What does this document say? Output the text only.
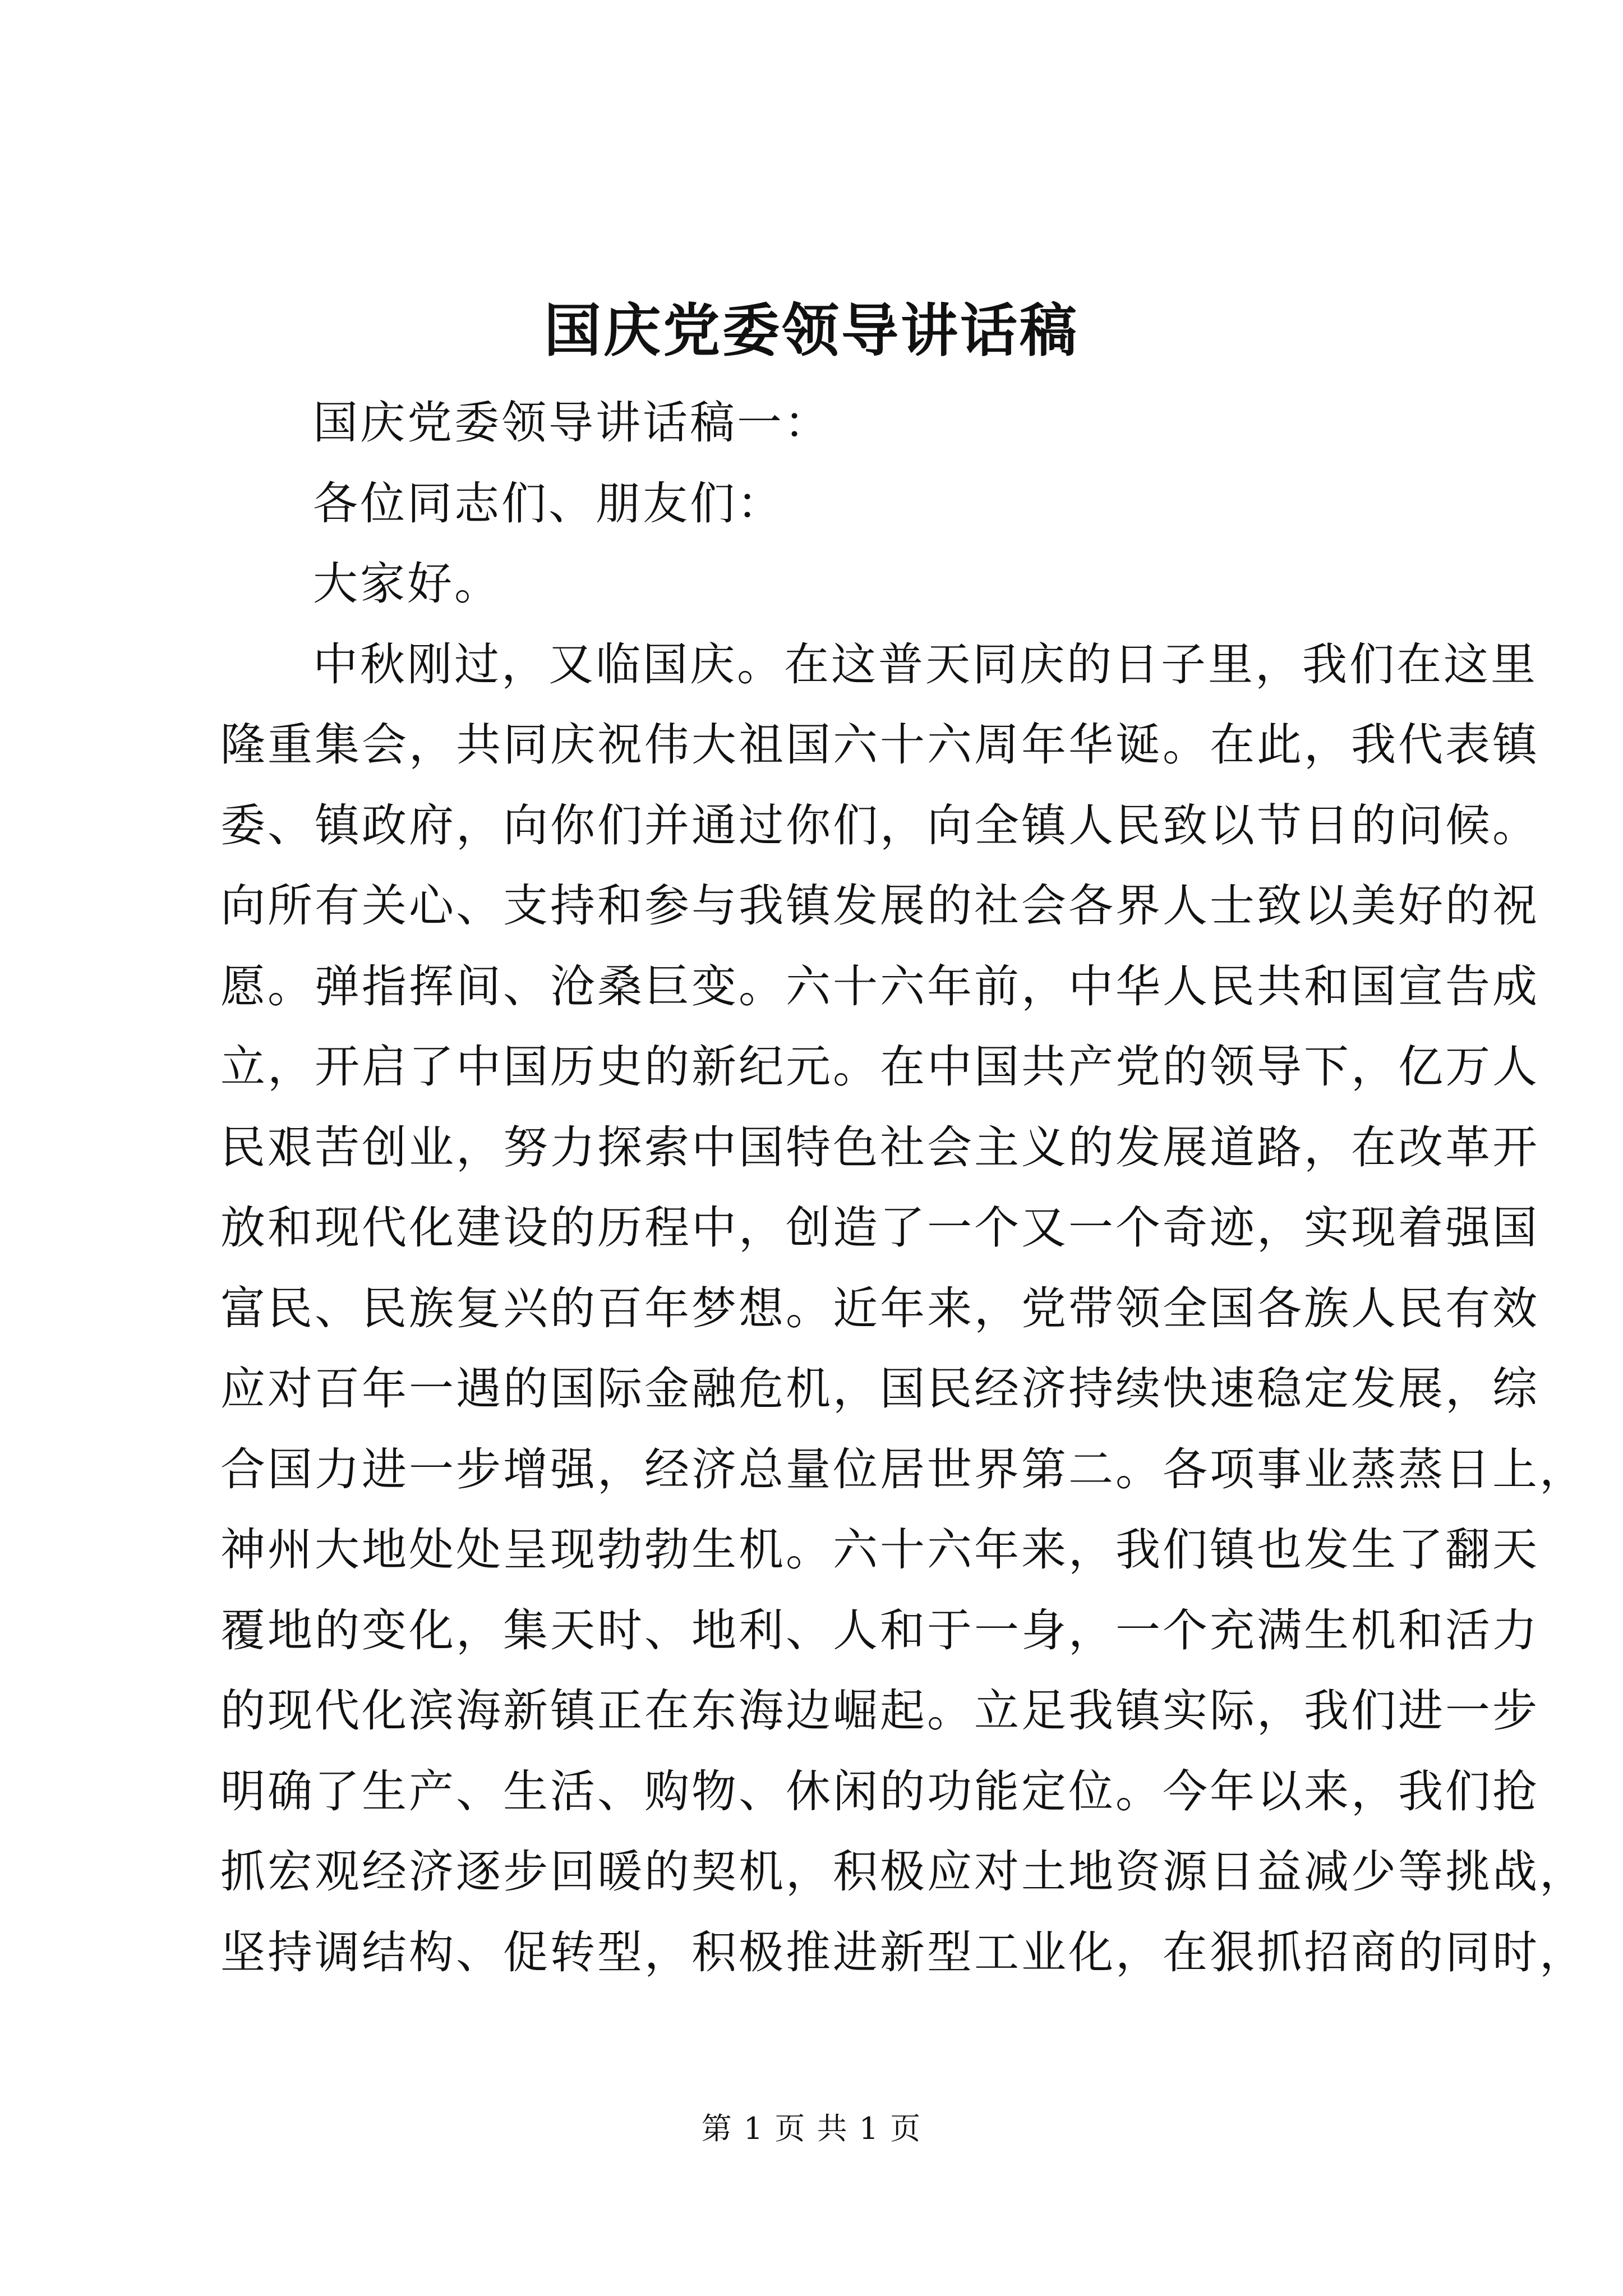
国庆党委领导讲话稿
国庆党委领导讲话稿一：
各位同志们、朋友们：
大家好。
中秋刚过，又临国庆。在这普天同庆的日子里，我们在这里
隆重集会，共同庆祝伟大祖国六十六周年华诞。在此，我代表镇
委、镇政府，向你们并通过你们，向全镇人民致以节日的问候。
向所有关心、支持和参与我镇发展的社会各界人士致以美好的祝
愿。弹指挥间、沧桑巨变。六十六年前，中华人民共和国宣告成
立，开启了中国历史的新纪元。在中国共产党的领导下，亿万人
民艰苦创业，努力探索中国特色社会主义的发展道路，在改革开
放和现代化建设的历程中，创造了一个又一个奇迹，实现着强国
富民、民族复兴的百年梦想。近年来，党带领全国各族人民有效
应对百年一遇的国际金融危机，国民经济持续快速稳定发展，综
合国力进一步增强，经济总量位居世界第二。各项事业蒸蒸日上，
神州大地处处呈现勃勃生机。六十六年来，我们镇也发生了翻天
覆地的变化，集天时、地利、人和于一身，一个充满生机和活力
的现代化滨海新镇正在东海边崛起。立足我镇实际，我们进一步
明确了生产、生活、购物、休闲的功能定位。今年以来，我们抢
抓宏观经济逐步回暖的契机，积极应对土地资源日益减少等挑战，
坚持调结构、促转型，积极推进新型工业化，在狠抓招商的同时，
第 1 页 共 1 页
